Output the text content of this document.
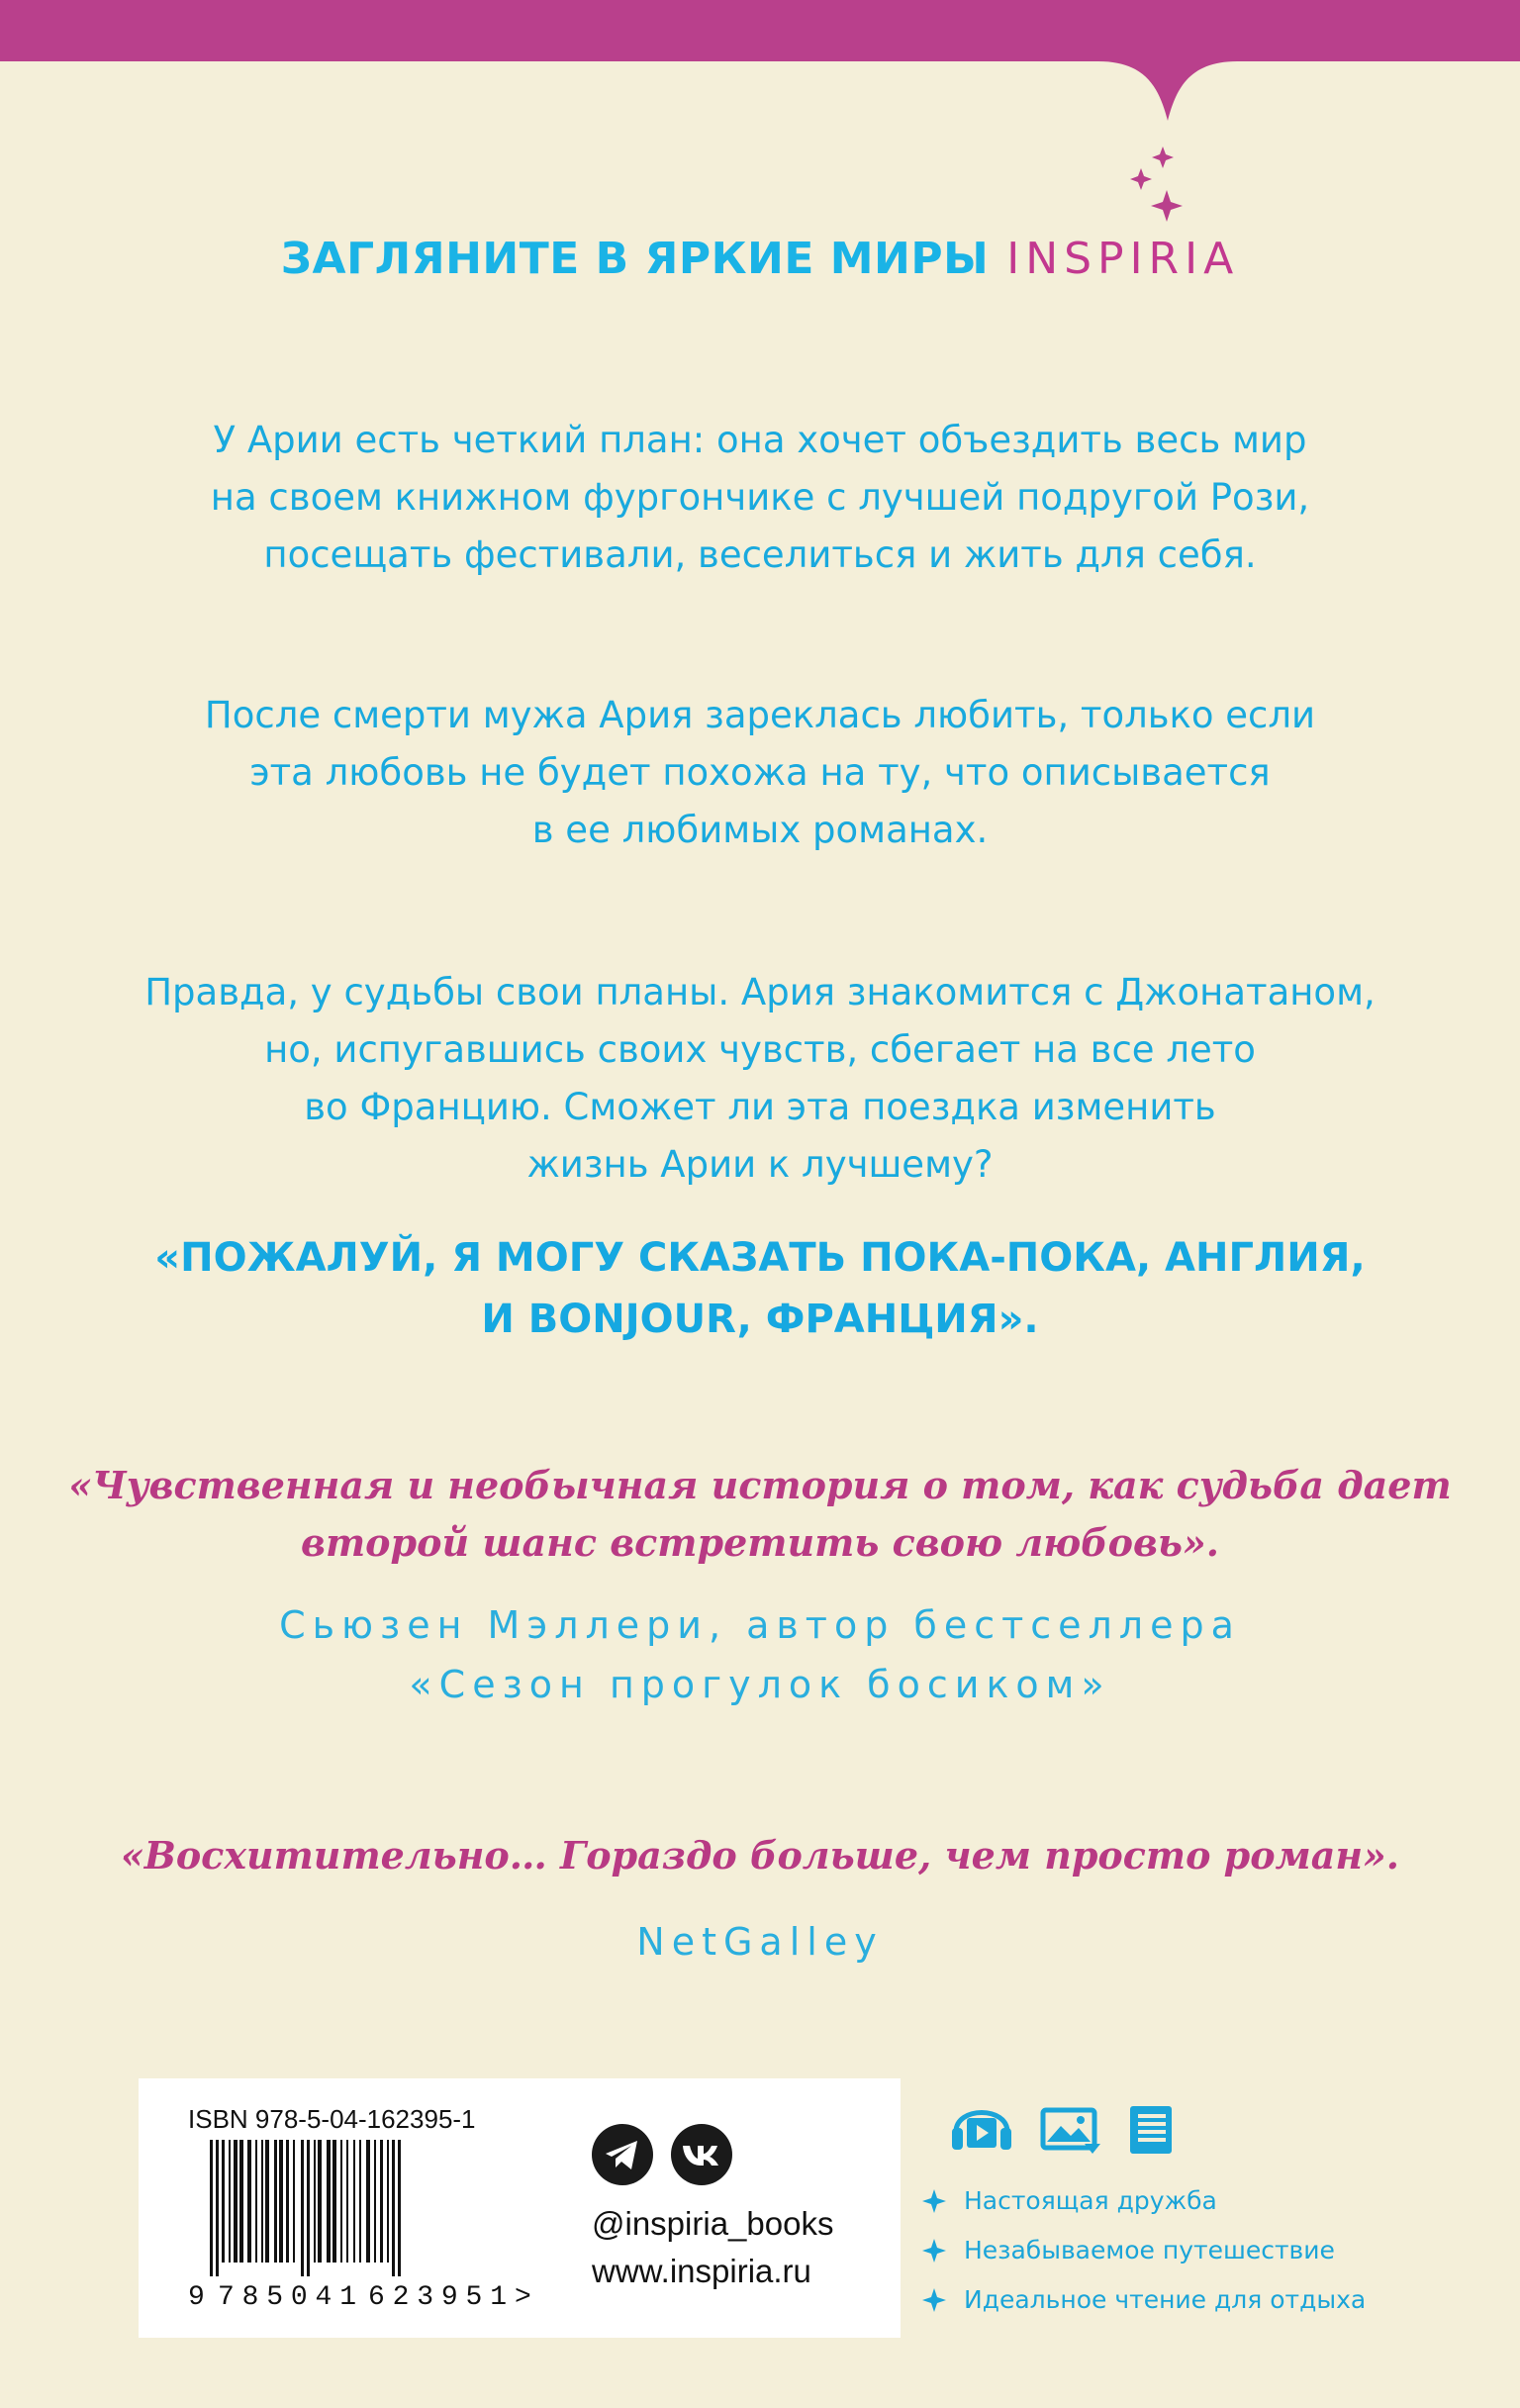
ЗАГЛЯНИТЕ В ЯРКИЕ МИРЫ INSPIRIA
У Арии есть четкий план: она хочет объездить весь мир
на своем книжном фургончике с лучшей подругой Рози,
посещать фестивали, веселиться и жить для себя.
После смерти мужа Ария зареклась любить, только если
эта любовь не будет похожа на ту, что описывается
в ее любимых романах.
Правда, у судьбы свои планы. Ария знакомится с Джонатаном,
но, испугавшись своих чувств, сбегает на все лето
во Францию. Сможет ли эта поездка изменить
жизнь Арии к лучшему?
«ПОЖАЛУЙ, Я МОГУ СКАЗАТЬ ПОКА-ПОКА, АНГЛИЯ,
И BONJOUR, ФРАНЦИЯ».
«Чувственная и необычная история о том, как судьба дает
второй шанс встретить свою любовь».
Сьюзен Мэллери, автор бестселлера
«Сезон прогулок босиком»
«Восхитительно… Гораздо больше, чем просто роман».
NetGalley
ISBN 978-5-04-162395-1
9 785041 623951 >
@inspiria_books
www.inspiria.ru
Настоящая дружба
Незабываемое путешествие
Идеальное чтение для отдыха
